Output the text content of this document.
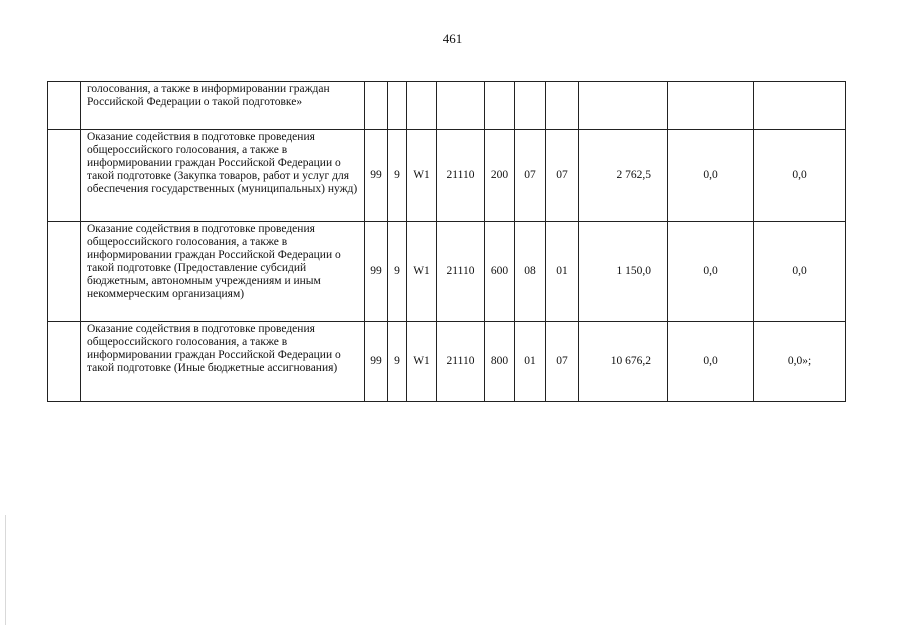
461
	голосования, а также в информировании граждан Российской Федерации о такой подготовке»										
	Оказание содействия в подготовке проведения общероссийского голосования, а также в информировании граждан Российской Федерации о такой подготовке (Закупка товаров, работ и услуг для обеспечения государственных (муниципальных) нужд)	99	9	W1	21110	200	07	07	2 762,5	0,0	0,0
	Оказание содействия в подготовке проведения общероссийского голосования, а также в информировании граждан Российской Федерации о такой подготовке (Предоставление субсидий бюджетным, автономным учреждениям и иным некоммерческим организациям)	99	9	W1	21110	600	08	01	1 150,0	0,0	0,0
	Оказание содействия в подготовке проведения общероссийского голосования, а также в информировании граждан Российской Федерации о такой подготовке (Иные бюджетные ассигнования)	99	9	W1	21110	800	01	07	10 676,2	0,0	0,0»;
